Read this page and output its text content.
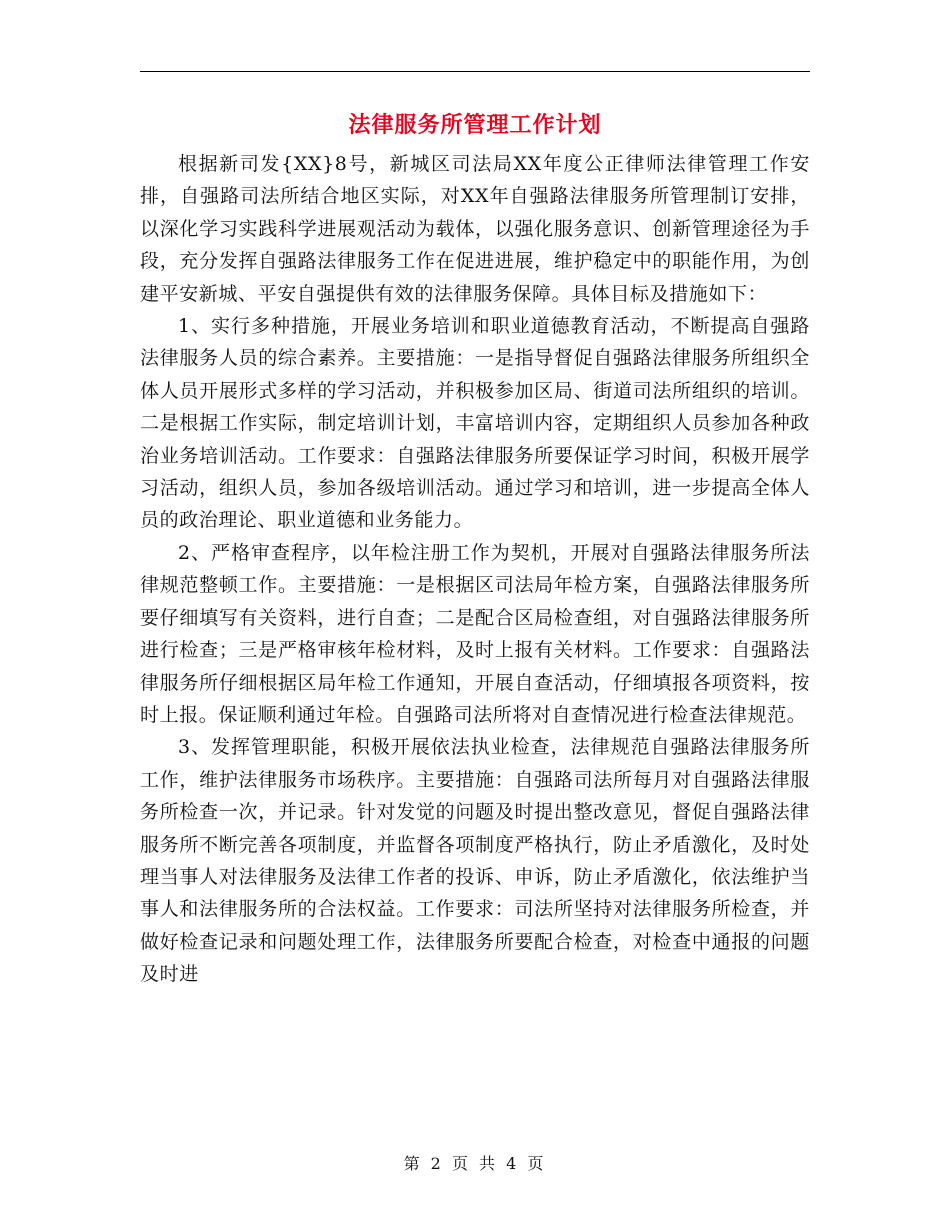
法律服务所管理工作计划

根据新司发{XX}8号，新城区司法局XX年度公正律师法律管理工作安排，自强路司法所结合地区实际，对XX年自强路法律服务所管理制订安排，以深化学习实践科学进展观活动为载体，以强化服务意识、创新管理途径为手段，充分发挥自强路法律服务工作在促进进展，维护稳定中的职能作用，为创建平安新城、平安自强提供有效的法律服务保障。具体目标及措施如下：

1、实行多种措施，开展业务培训和职业道德教育活动，不断提高自强路法律服务人员的综合素养。主要措施：一是指导督促自强路法律服务所组织全体人员开展形式多样的学习活动，并积极参加区局、街道司法所组织的培训。二是根据工作实际，制定培训计划，丰富培训内容，定期组织人员参加各种政治业务培训活动。工作要求：自强路法律服务所要保证学习时间，积极开展学习活动，组织人员，参加各级培训活动。通过学习和培训，进一步提高全体人员的政治理论、职业道德和业务能力。

2、严格审查程序，以年检注册工作为契机，开展对自强路法律服务所法律规范整顿工作。主要措施：一是根据区司法局年检方案，自强路法律服务所要仔细填写有关资料，进行自查；二是配合区局检查组，对自强路法律服务所进行检查；三是严格审核年检材料，及时上报有关材料。工作要求：自强路法律服务所仔细根据区局年检工作通知，开展自查活动，仔细填报各项资料，按时上报。保证顺利通过年检。自强路司法所将对自查情况进行检查法律规范。

3、发挥管理职能，积极开展依法执业检查，法律规范自强路法律服务所工作，维护法律服务市场秩序。主要措施：自强路司法所每月对自强路法律服务所检查一次，并记录。针对发觉的问题及时提出整改意见，督促自强路法律服务所不断完善各项制度，并监督各项制度严格执行，防止矛盾激化，及时处理当事人对法律服务及法律工作者的投诉、申诉，防止矛盾激化，依法维护当事人和法律服务所的合法权益。工作要求：司法所坚持对法律服务所检查，并做好检查记录和问题处理工作，法律服务所要配合检查，对检查中通报的问题及时进

第 2 页 共 4 页
